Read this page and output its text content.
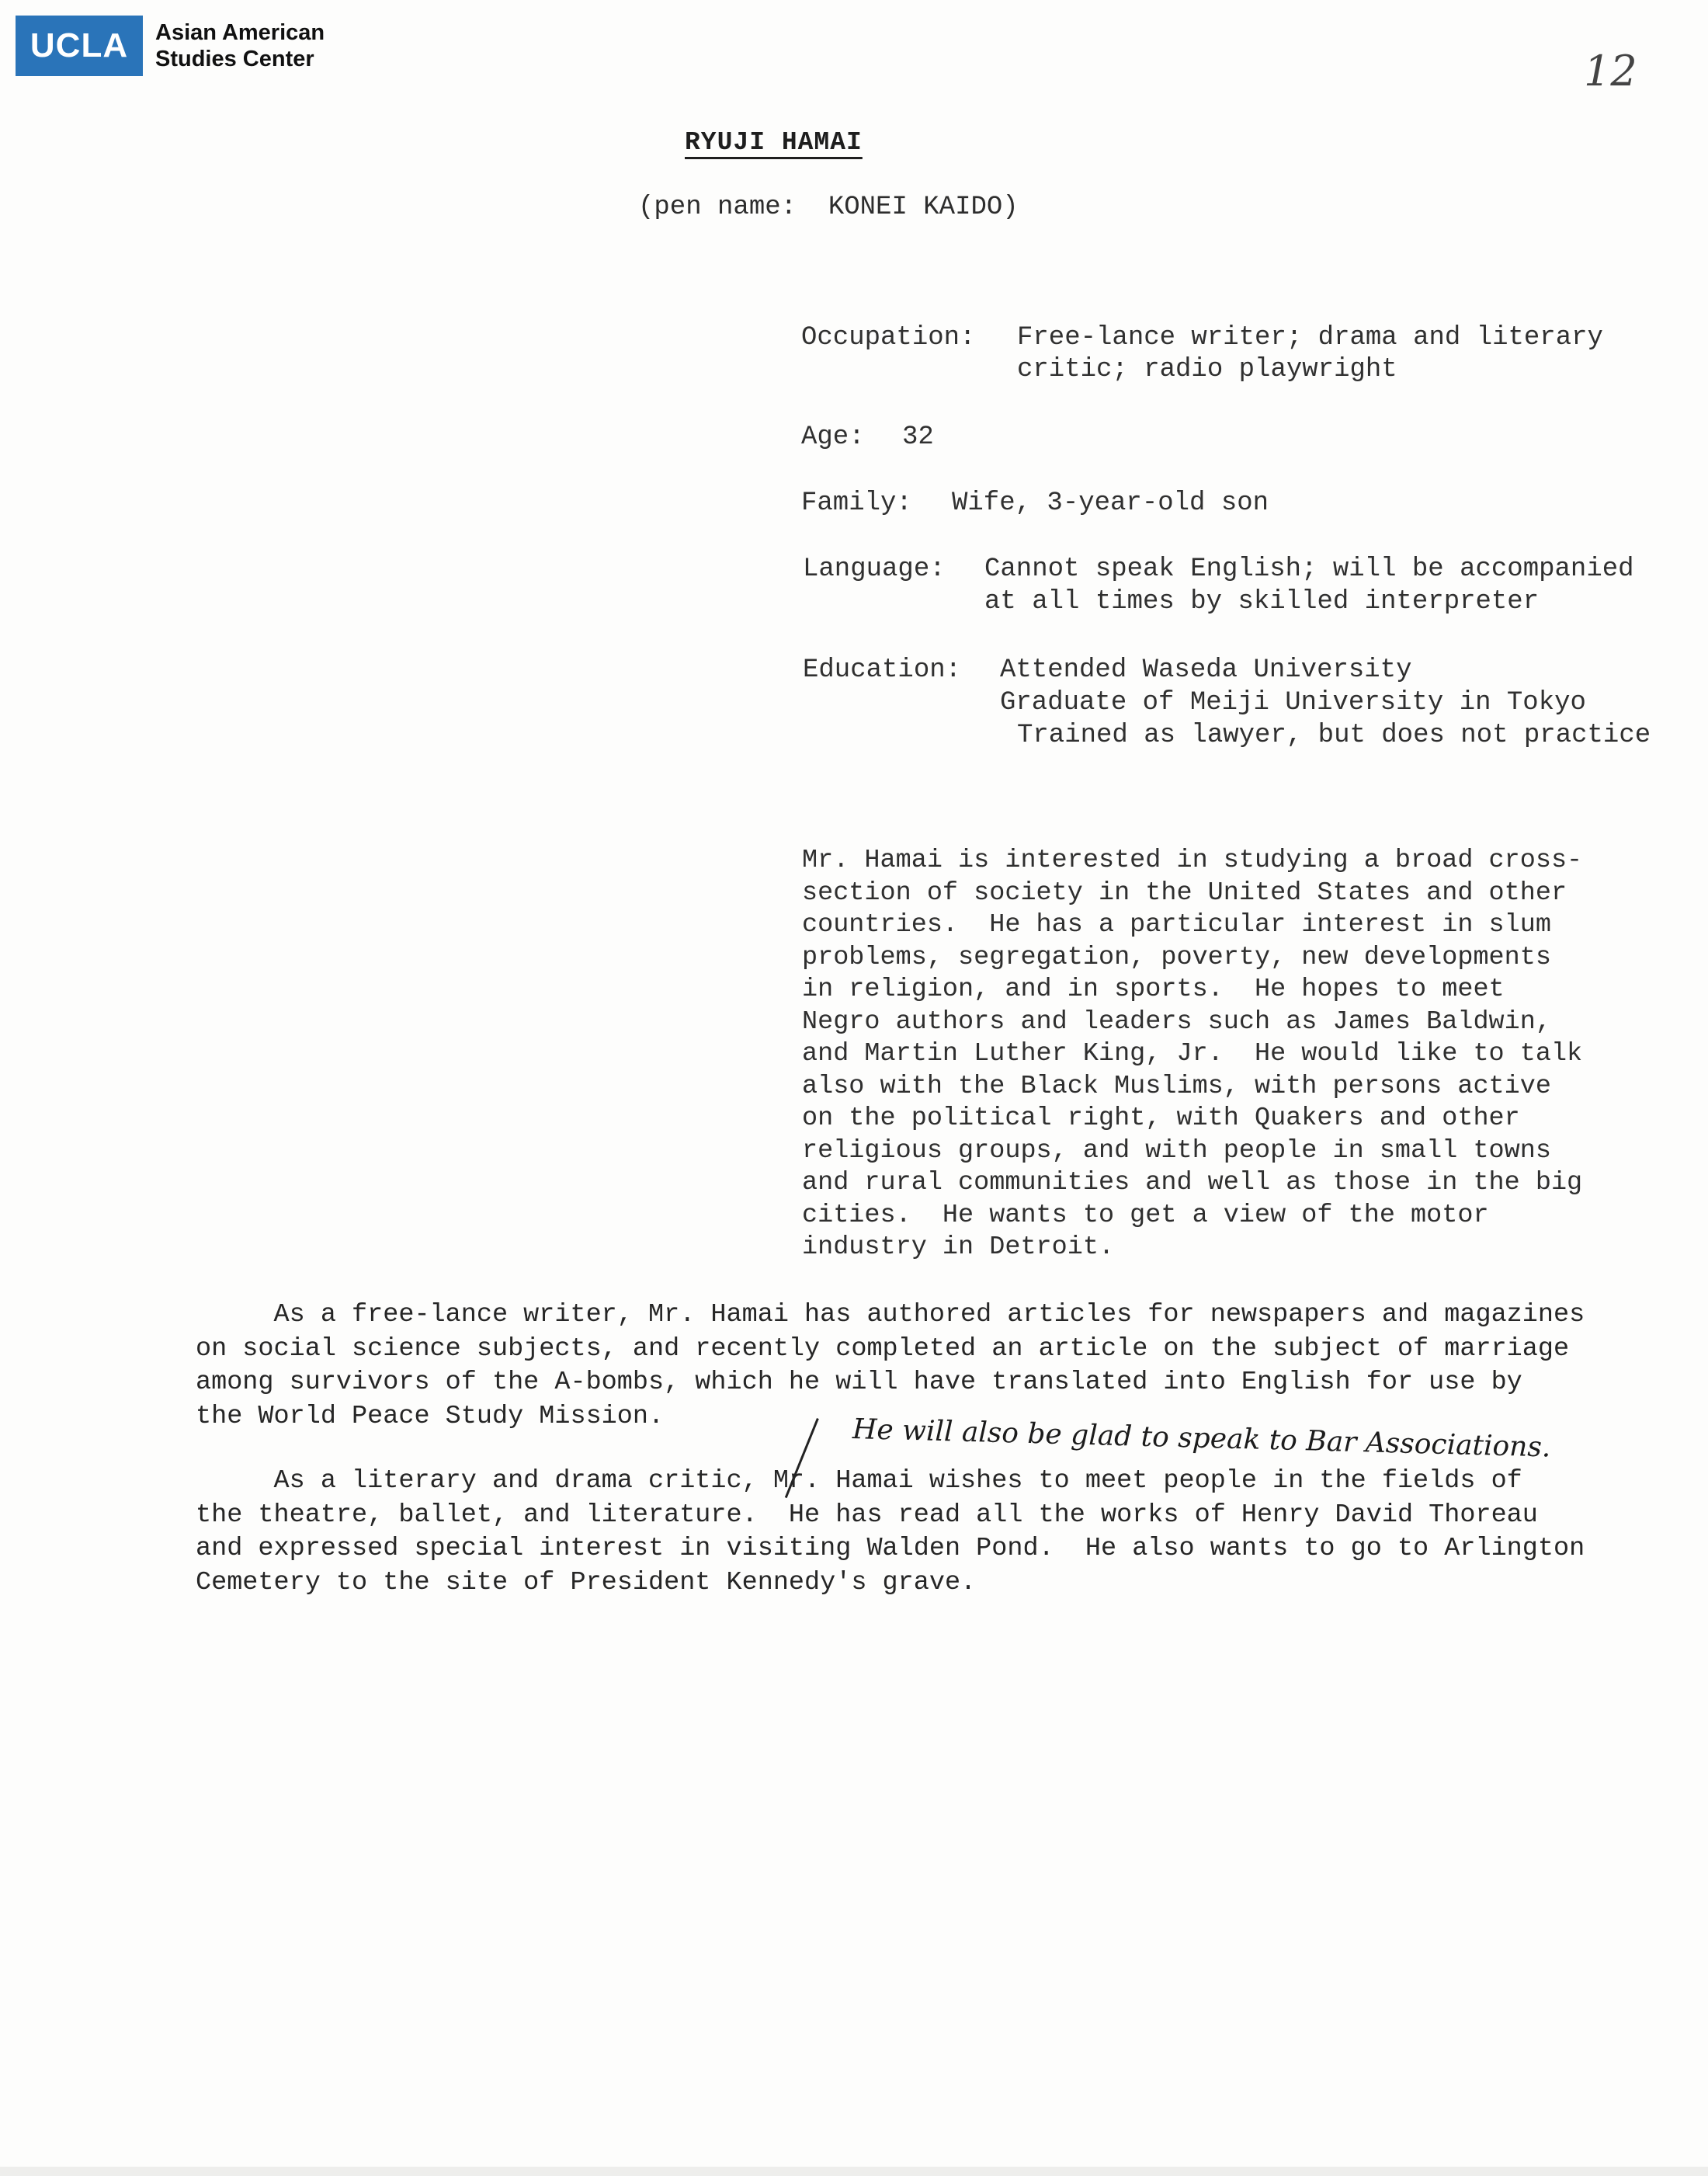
UCLA	Asian American
Studies Center	12
RYUJI HAMAI
(pen name:  KONEI KAIDO)
Occupation: Free-lance writer; drama and literary
critic; radio playwright
Age: 32
Family: Wife, 3-year-old son
Language: Cannot speak English; will be accompanied
at all times by skilled interpreter
Education: Attended Waseda University
Graduate of Meiji University in Tokyo
Trained as lawyer, but does not practice
Mr. Hamai is interested in studying a broad cross-
section of society in the United States and other
countries.  He has a particular interest in slum
problems, segregation, poverty, new developments
in religion, and in sports.  He hopes to meet
Negro authors and leaders such as James Baldwin,
and Martin Luther King, Jr.  He would like to talk
also with the Black Muslims, with persons active
on the political right, with Quakers and other
religious groups, and with people in small towns
and rural communities and well as those in the big
cities.  He wants to get a view of the motor
industry in Detroit.
As a free-lance writer, Mr. Hamai has authored articles for newspapers and magazines
on social science subjects, and recently completed an article on the subject of marriage
among survivors of the A-bombs, which he will have translated into English for use by
the World Peace Study Mission.	He will also be glad to speak to Bar Associations.
As a literary and drama critic, Mr. Hamai wishes to meet people in the fields of
the theatre, ballet, and literature.  He has read all the works of Henry David Thoreau
and expressed special interest in visiting Walden Pond.  He also wants to go to Arlington
Cemetery to the site of President Kennedy's grave.
